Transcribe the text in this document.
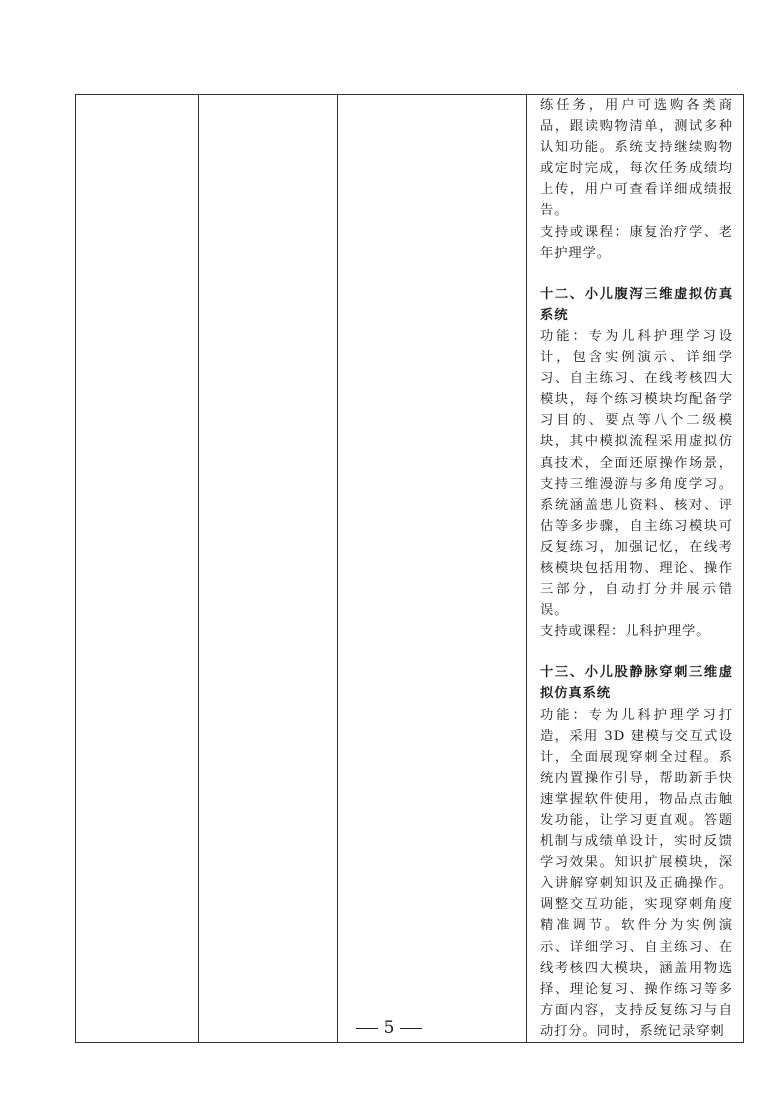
练任务，用户可选购各类商品，跟读购物清单，测试多种认知功能。系统支持继续购物或定时完成，每次任务成绩均上传，用户可查看详细成绩报告。

支持或课程：康复治疗学、老年护理学。

十二、小儿腹泻三维虚拟仿真系统

功能：专为儿科护理学习设计，包含实例演示、详细学习、自主练习、在线考核四大模块，每个练习模块均配备学习目的、要点等八个二级模块，其中模拟流程采用虚拟仿真技术，全面还原操作场景，支持三维漫游与多角度学习。系统涵盖患儿资料、核对、评估等多步骤，自主练习模块可反复练习，加强记忆，在线考核模块包括用物、理论、操作三部分，自动打分并展示错误。

支持或课程：儿科护理学。

十三、小儿股静脉穿刺三维虚拟仿真系统

功能：专为儿科护理学习打造，采用 3D 建模与交互式设计，全面展现穿刺全过程。系统内置操作引导，帮助新手快速掌握软件使用，物品点击触发功能，让学习更直观。答题机制与成绩单设计，实时反馈学习效果。知识扩展模块，深入讲解穿刺知识及正确操作。调整交互功能，实现穿刺角度精准调节。软件分为实例演示、详细学习、自主练习、在线考核四大模块，涵盖用物选择、理论复习、操作练习等多方面内容，支持反复练习与自动打分。同时，系统记录穿刺

5
